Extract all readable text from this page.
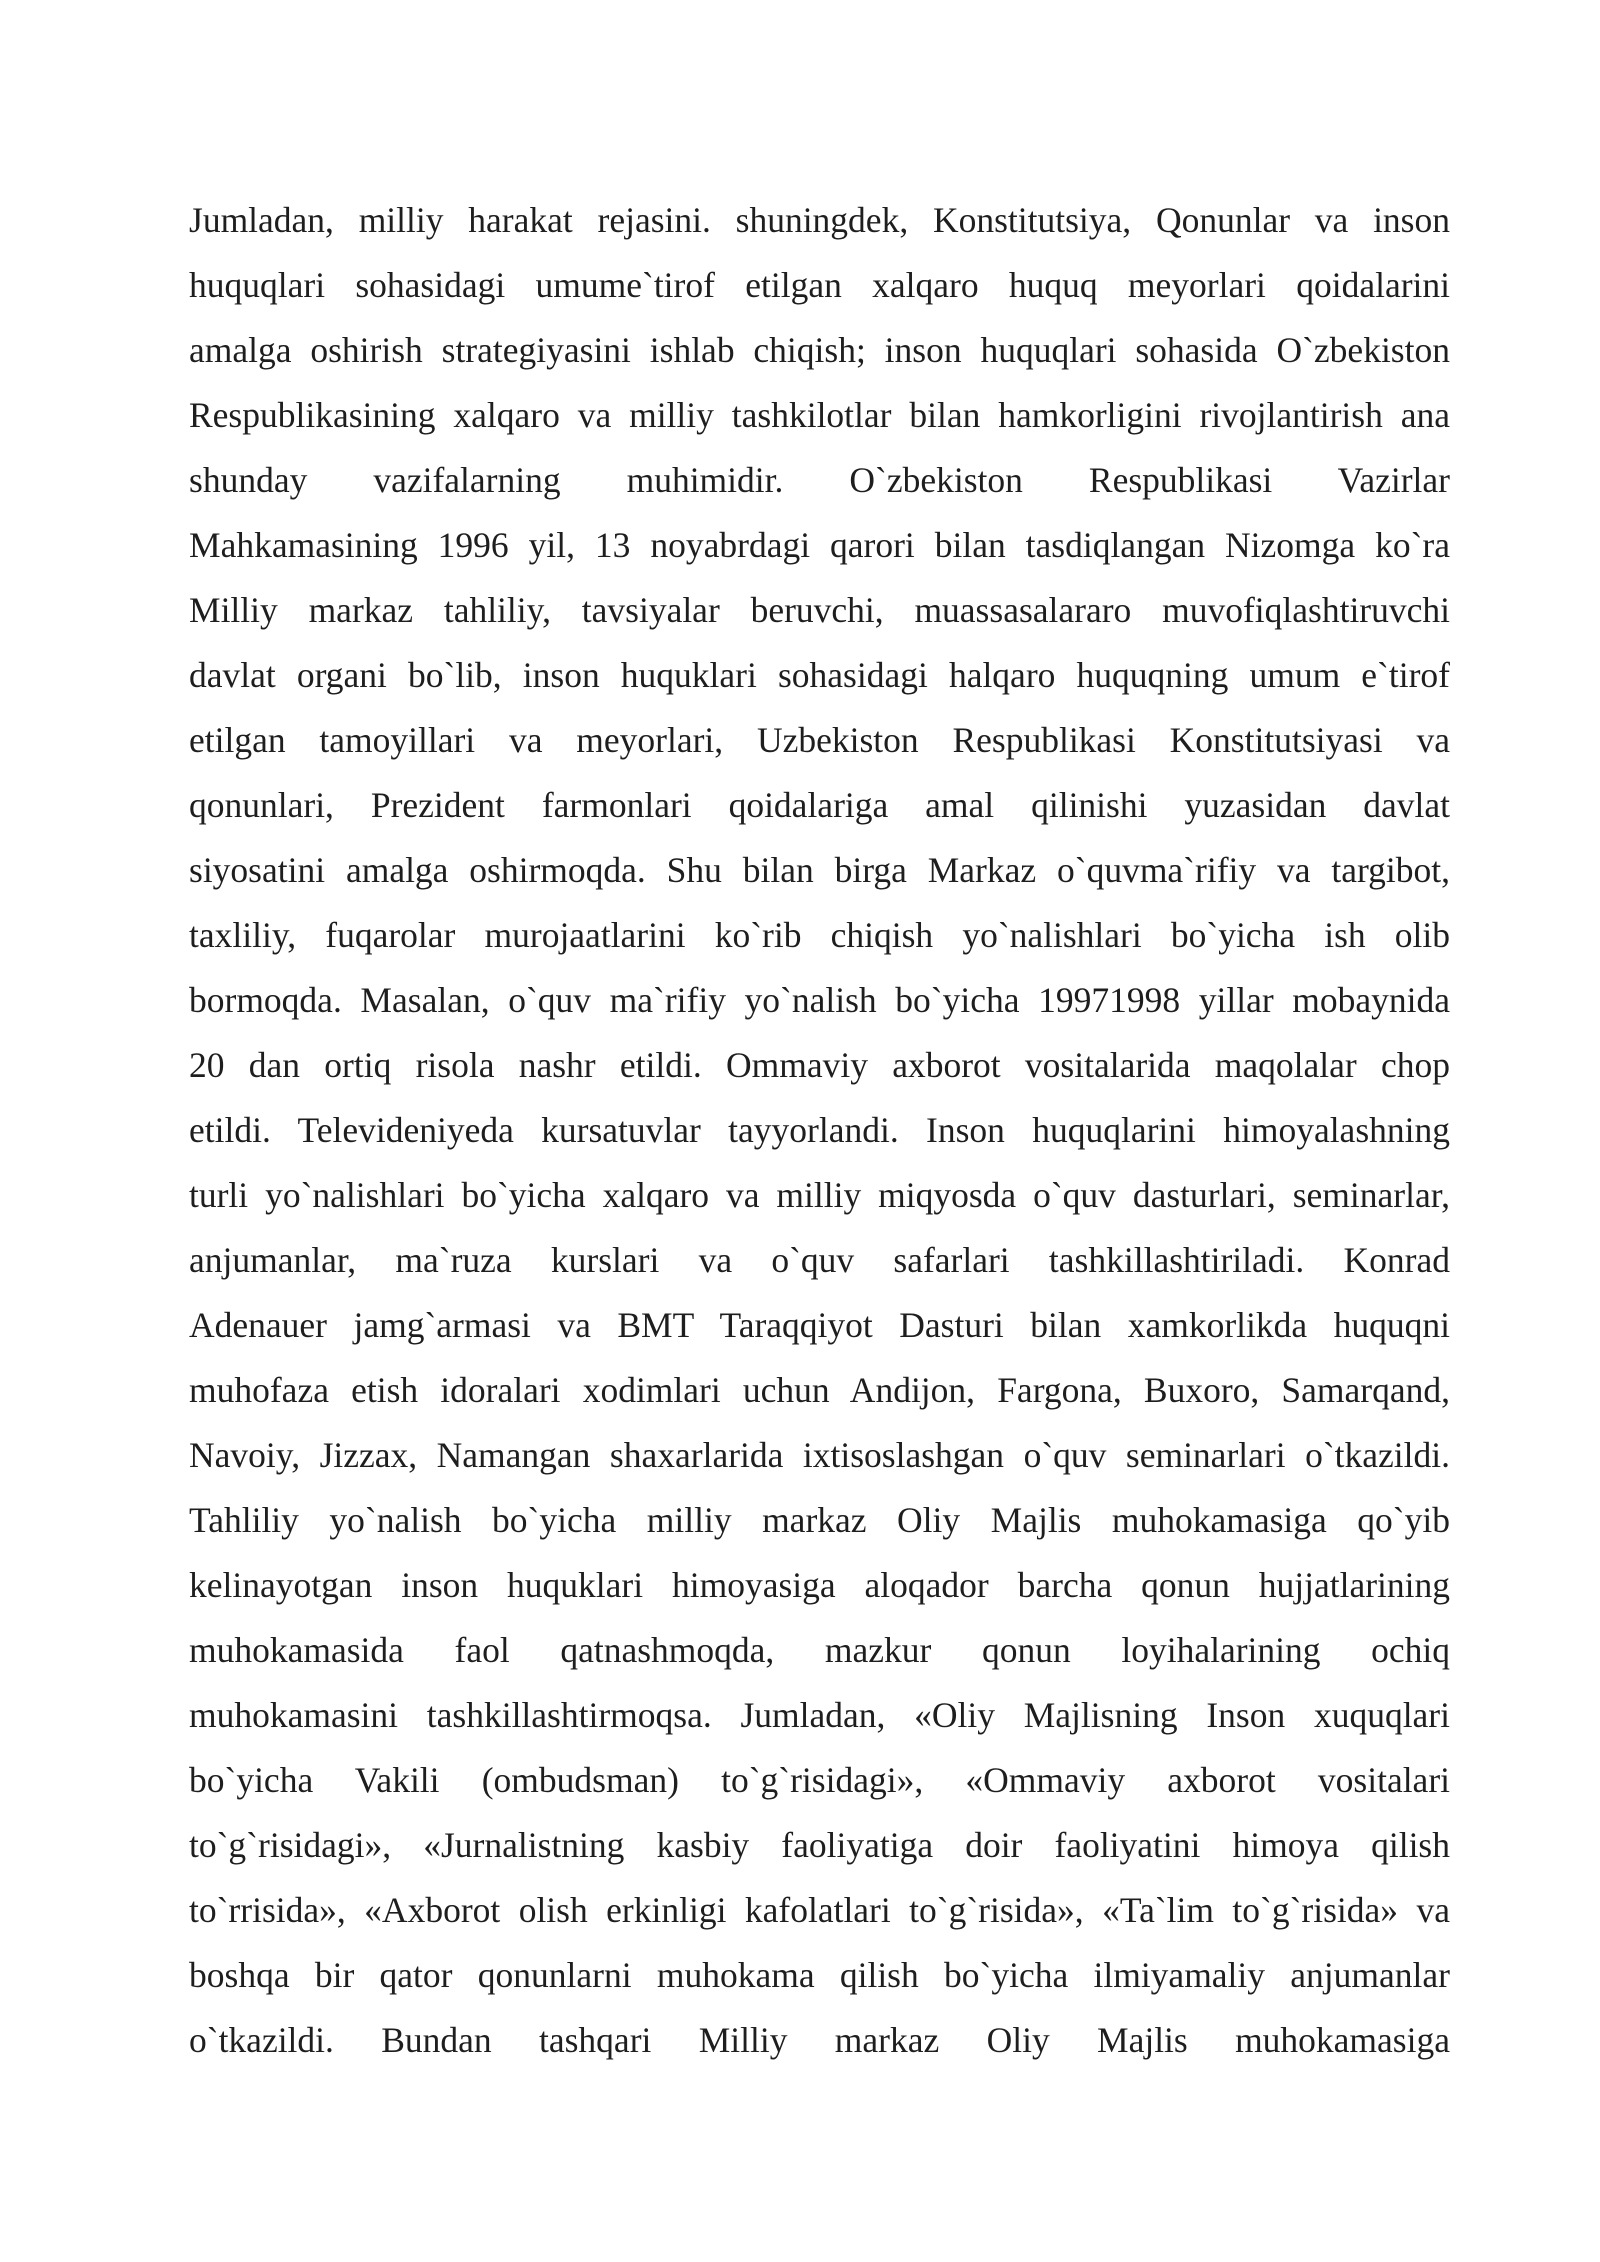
Jumladan, milliy harakat rejasini. shuningdek, Konstitutsiya, Qonunlar va inson
huquqlari sohasidagi umume`tirof etilgan xalqaro huquq meyorlari qoidalarini
amalga oshirish strategiyasini ishlab chiqish; inson huquqlari sohasida O`zbekiston
Respublikasining xalqaro va milliy tashkilotlar bilan hamkorligini rivojlantirish ana
shunday vazifalarning muhimidir. O`zbekiston Respublikasi Vazirlar
Mahkamasining 1996 yil, 13 noyabrdagi qarori bilan tasdiqlangan Nizomga ko`ra
Milliy markaz tahliliy, tavsiyalar beruvchi, muassasalararo muvofiqlashtiruvchi
davlat organi bo`lib, inson huquklari sohasidagi halqaro huquqning umum e`tirof
etilgan tamoyillari va meyorlari, Uzbekiston Respublikasi Konstitutsiyasi va
qonunlari, Prezident farmonlari qoidalariga amal qilinishi yuzasidan davlat
siyosatini amalga oshirmoqda. Shu bilan birga Markaz o`quvma`rifiy va targibot,
taxliliy, fuqarolar murojaatlarini ko`rib chiqish yo`nalishlari bo`yicha ish olib
bormoqda. Masalan, o`quv ma`rifiy yo`nalish bo`yicha 19971998 yillar mobaynida
20 dan ortiq risola nashr etildi. Ommaviy axborot vositalarida maqolalar chop
etildi. Televideniyeda kursatuvlar tayyorlandi. Inson huquqlarini himoyalashning
turli yo`nalishlari bo`yicha xalqaro va milliy miqyosda o`quv dasturlari, seminarlar,
anjumanlar, ma`ruza kurslari va o`quv safarlari tashkillashtiriladi. Konrad
Adenauer jamg`armasi va BMT Taraqqiyot Dasturi bilan xamkorlikda huquqni
muhofaza etish idoralari xodimlari uchun Andijon, Fargona, Buxoro, Samarqand,
Navoiy, Jizzax, Namangan shaxarlarida ixtisoslashgan o`quv seminarlari o`tkazildi.
Tahliliy yo`nalish bo`yicha milliy markaz Oliy Majlis muhokamasiga qo`yib
kelinayotgan inson huquklari himoyasiga aloqador barcha qonun hujjatlarining
muhokamasida faol qatnashmoqda, mazkur qonun loyihalarining ochiq
muhokamasini tashkillashtirmoqsa. Jumladan, «Oliy Majlisning Inson xuquqlari
bo`yicha Vakili (ombudsman) to`g`risidagi», «Ommaviy axborot vositalari
to`g`risidagi», «Jurnalistning kasbiy faoliyatiga doir faoliyatini himoya qilish
to`rrisida», «Axborot olish erkinligi kafolatlari to`g`risida», «Ta`lim to`g`risida» va
boshqa bir qator qonunlarni muhokama qilish bo`yicha ilmiyamaliy anjumanlar
o`tkazildi. Bundan tashqari Milliy markaz Oliy Majlis muhokamasiga
